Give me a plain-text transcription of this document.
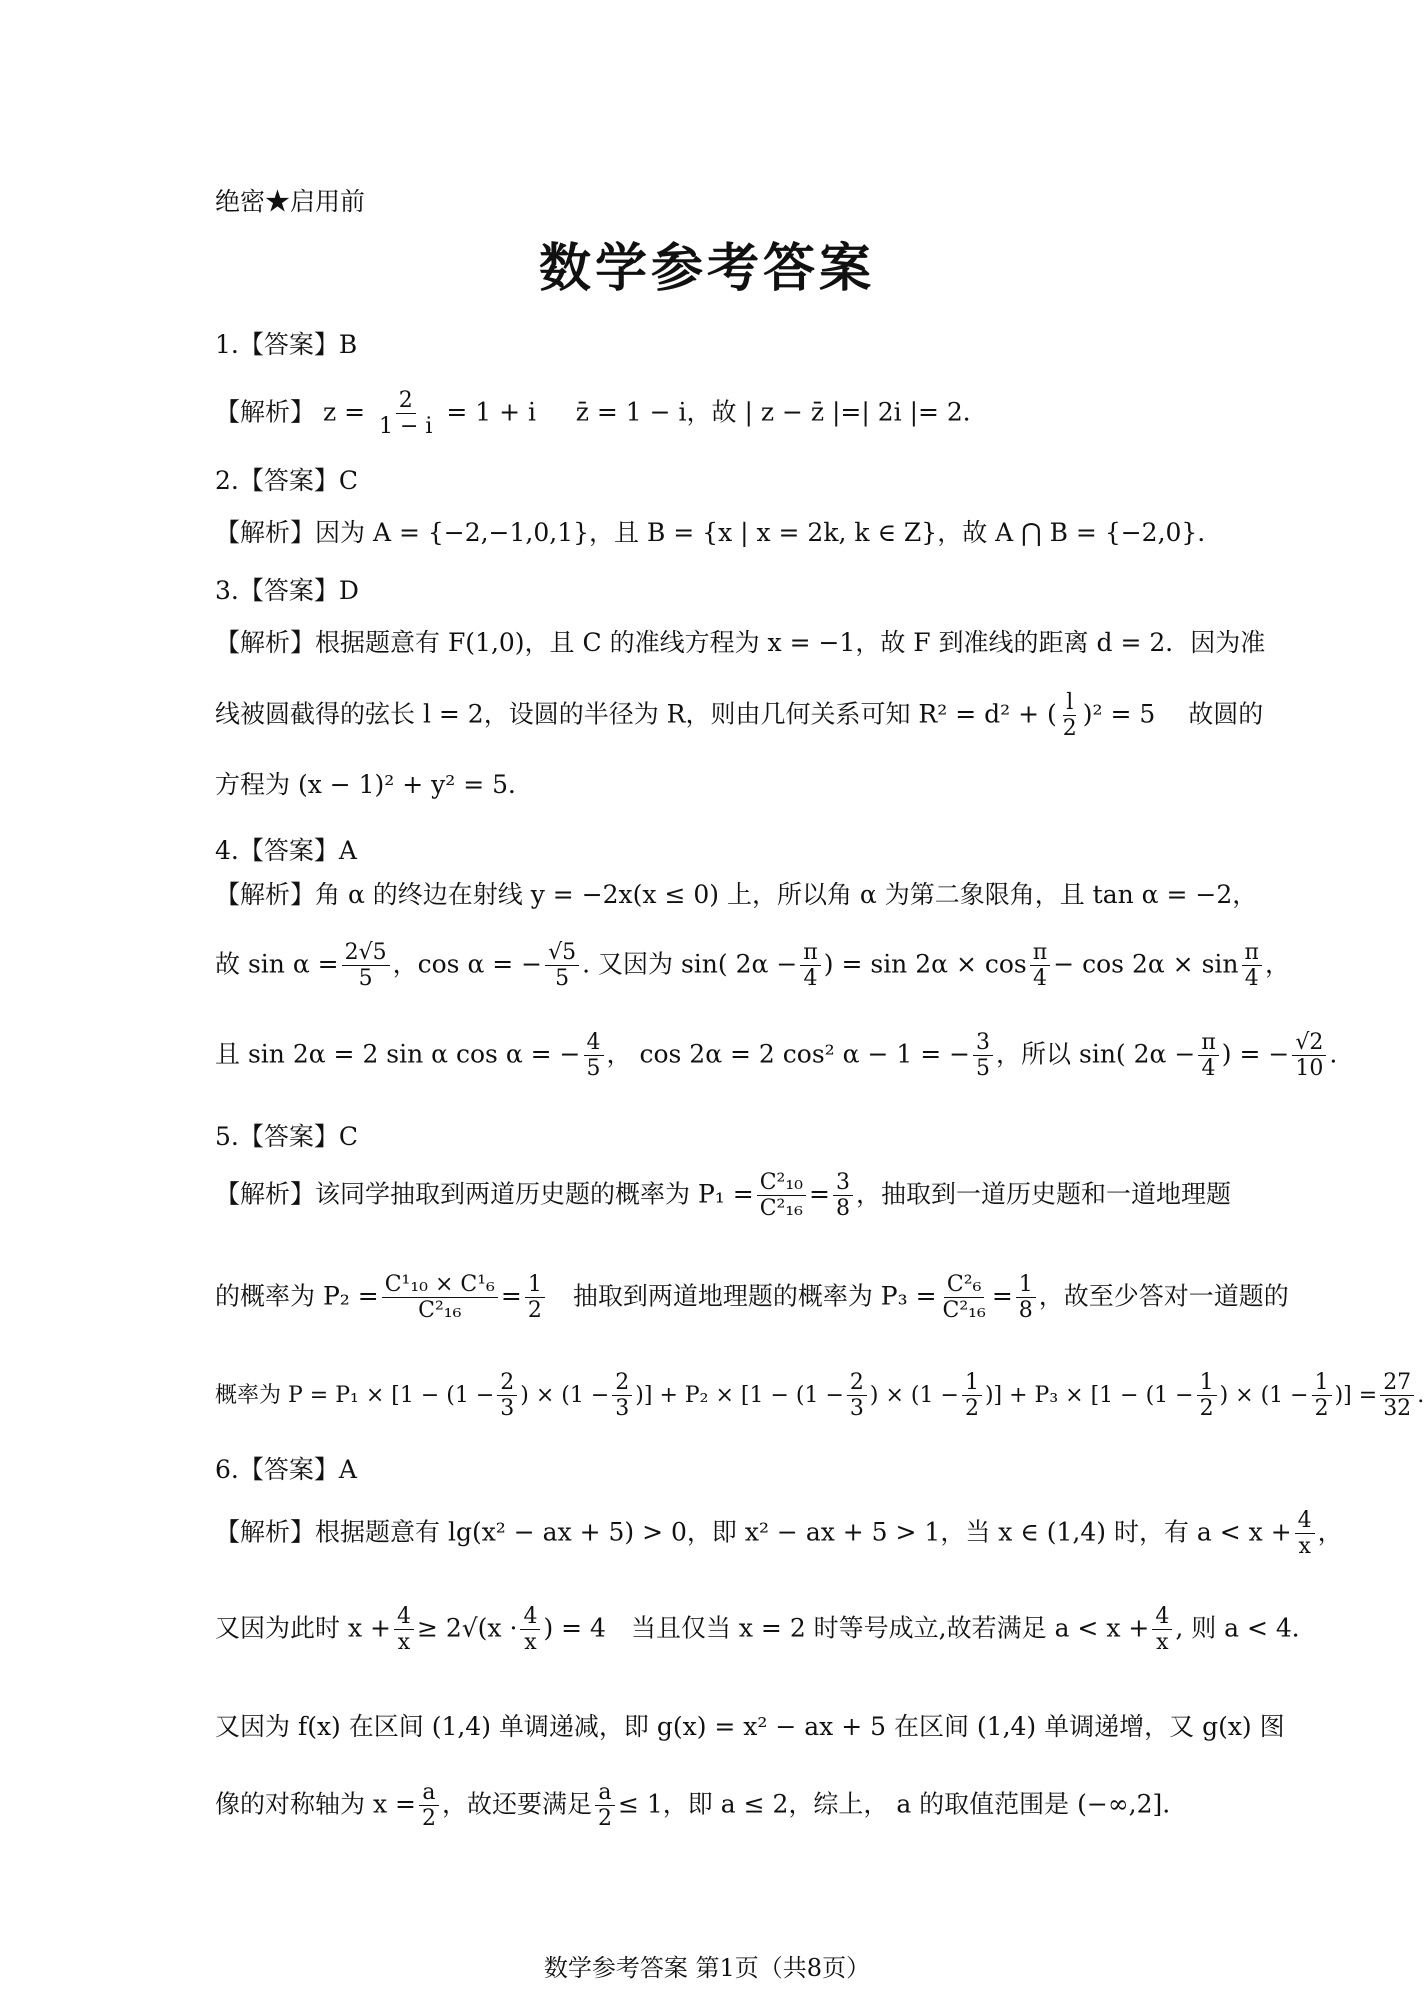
绝密★启用前
数学参考答案
1.【答案】B
【解析】 $z = \frac{2}{1 - i} = 1 + i$ z̄ = 1 − i，故 | z − z̄ |=| 2i |= 2．
2.【答案】C
【解析】因为 A = {−2,−1,0,1}，且 B = {x | x = 2k, k ∈ Z}，故 A ⋂ B = {−2,0}．
3.【答案】D
【解析】根据题意有 F(1,0)，且 C 的准线方程为 x = −1，故 F 到准线的距离 d = 2．因为准
线被圆截得的弦长 l = 2，设圆的半径为 R，则由几何关系可知 R² = d² + ( $\frac{l}{2} )^2 = 5$　 故圆的
方程为 (x − 1)² + y² = 5．
4.【答案】A
【解析】角 α 的终边在射线 y = −2x(x ≤ 0) 上，所以角 α 为第二象限角，且 tan α = −2，
故 $\sin \alpha = \frac{2√5}{5}$ ，cos α = − $\frac{√5}{5}$ . 又因为 sin( $2\alpha - \frac{\pi}{4}$ ) = $\sin 2\alpha \times \cos \frac{\pi}{4} - \cos 2\alpha \times \sin \frac{\pi}{4}$ ，
且 sin 2α = 2 sin α cos α = − $\frac{4}{5}$ ， cos 2α = 2 cos² α − 1 = − $\frac{3}{5}$ ，所以 sin( $2\alpha - \frac{\pi}{4}$ ) = − $\frac{√2}{10}$ .
5.【答案】C
【解析】该同学抽取到两道历史题的概率为 $P_1 = \frac{\text{C²₁₀}}{\text{C²₁₆}} = \frac{3}{8}$ ，抽取到一道历史题和一道地理题
的概率为 $P_2 = \frac{\text{C¹₁₀ × C¹₆}}{\text{C²₁₆}} = \frac{1}{2}$ 　抽取到两道地理题的概率为 $P_3 = \frac{\text{C²₆}}{\text{C²₁₆}} = \frac{1}{8}$ ，故至少答对一道题的
概率为 $P = P_1 \times [1 - (1 - \frac{2}{3}$ ) × ($1 - \frac{2}{3}$ )] + $P_2 \times [1 - (1 - \frac{2}{3}$ ) × ($1 - \frac{1}{2}$ )] + $P_3 \times [1 - (1 - \frac{1}{2}$ ) × ($1 - \frac{1}{2}$ )] = $\frac{27}{32}$ .
6.【答案】A
【解析】根据题意有 lg(x² − ax + 5) > 0，即 x² − ax + 5 > 1，当 x ∈ (1,4) 时，有 $a < x + \frac{4}{x}$ ，
又因为此时 $x + \frac{4}{x} \ge 2√(x \cdot \frac{4}{x}$ ) = 4　当且仅当 x = 2 时等号成立,故若满足 $a < x + \frac{4}{x}$ , 则 a < 4．
又因为 f(x) 在区间 (1,4) 单调递减，即 g(x) = x² − ax + 5 在区间 (1,4) 单调递增，又 g(x) 图
像的对称轴为 $x = \frac{a}{2}$ ，故还要满足 $\frac{a}{2} \le 1$，即 a ≤ 2，综上， a 的取值范围是 (−∞,2].
数学参考答案 第1页（共8页）
